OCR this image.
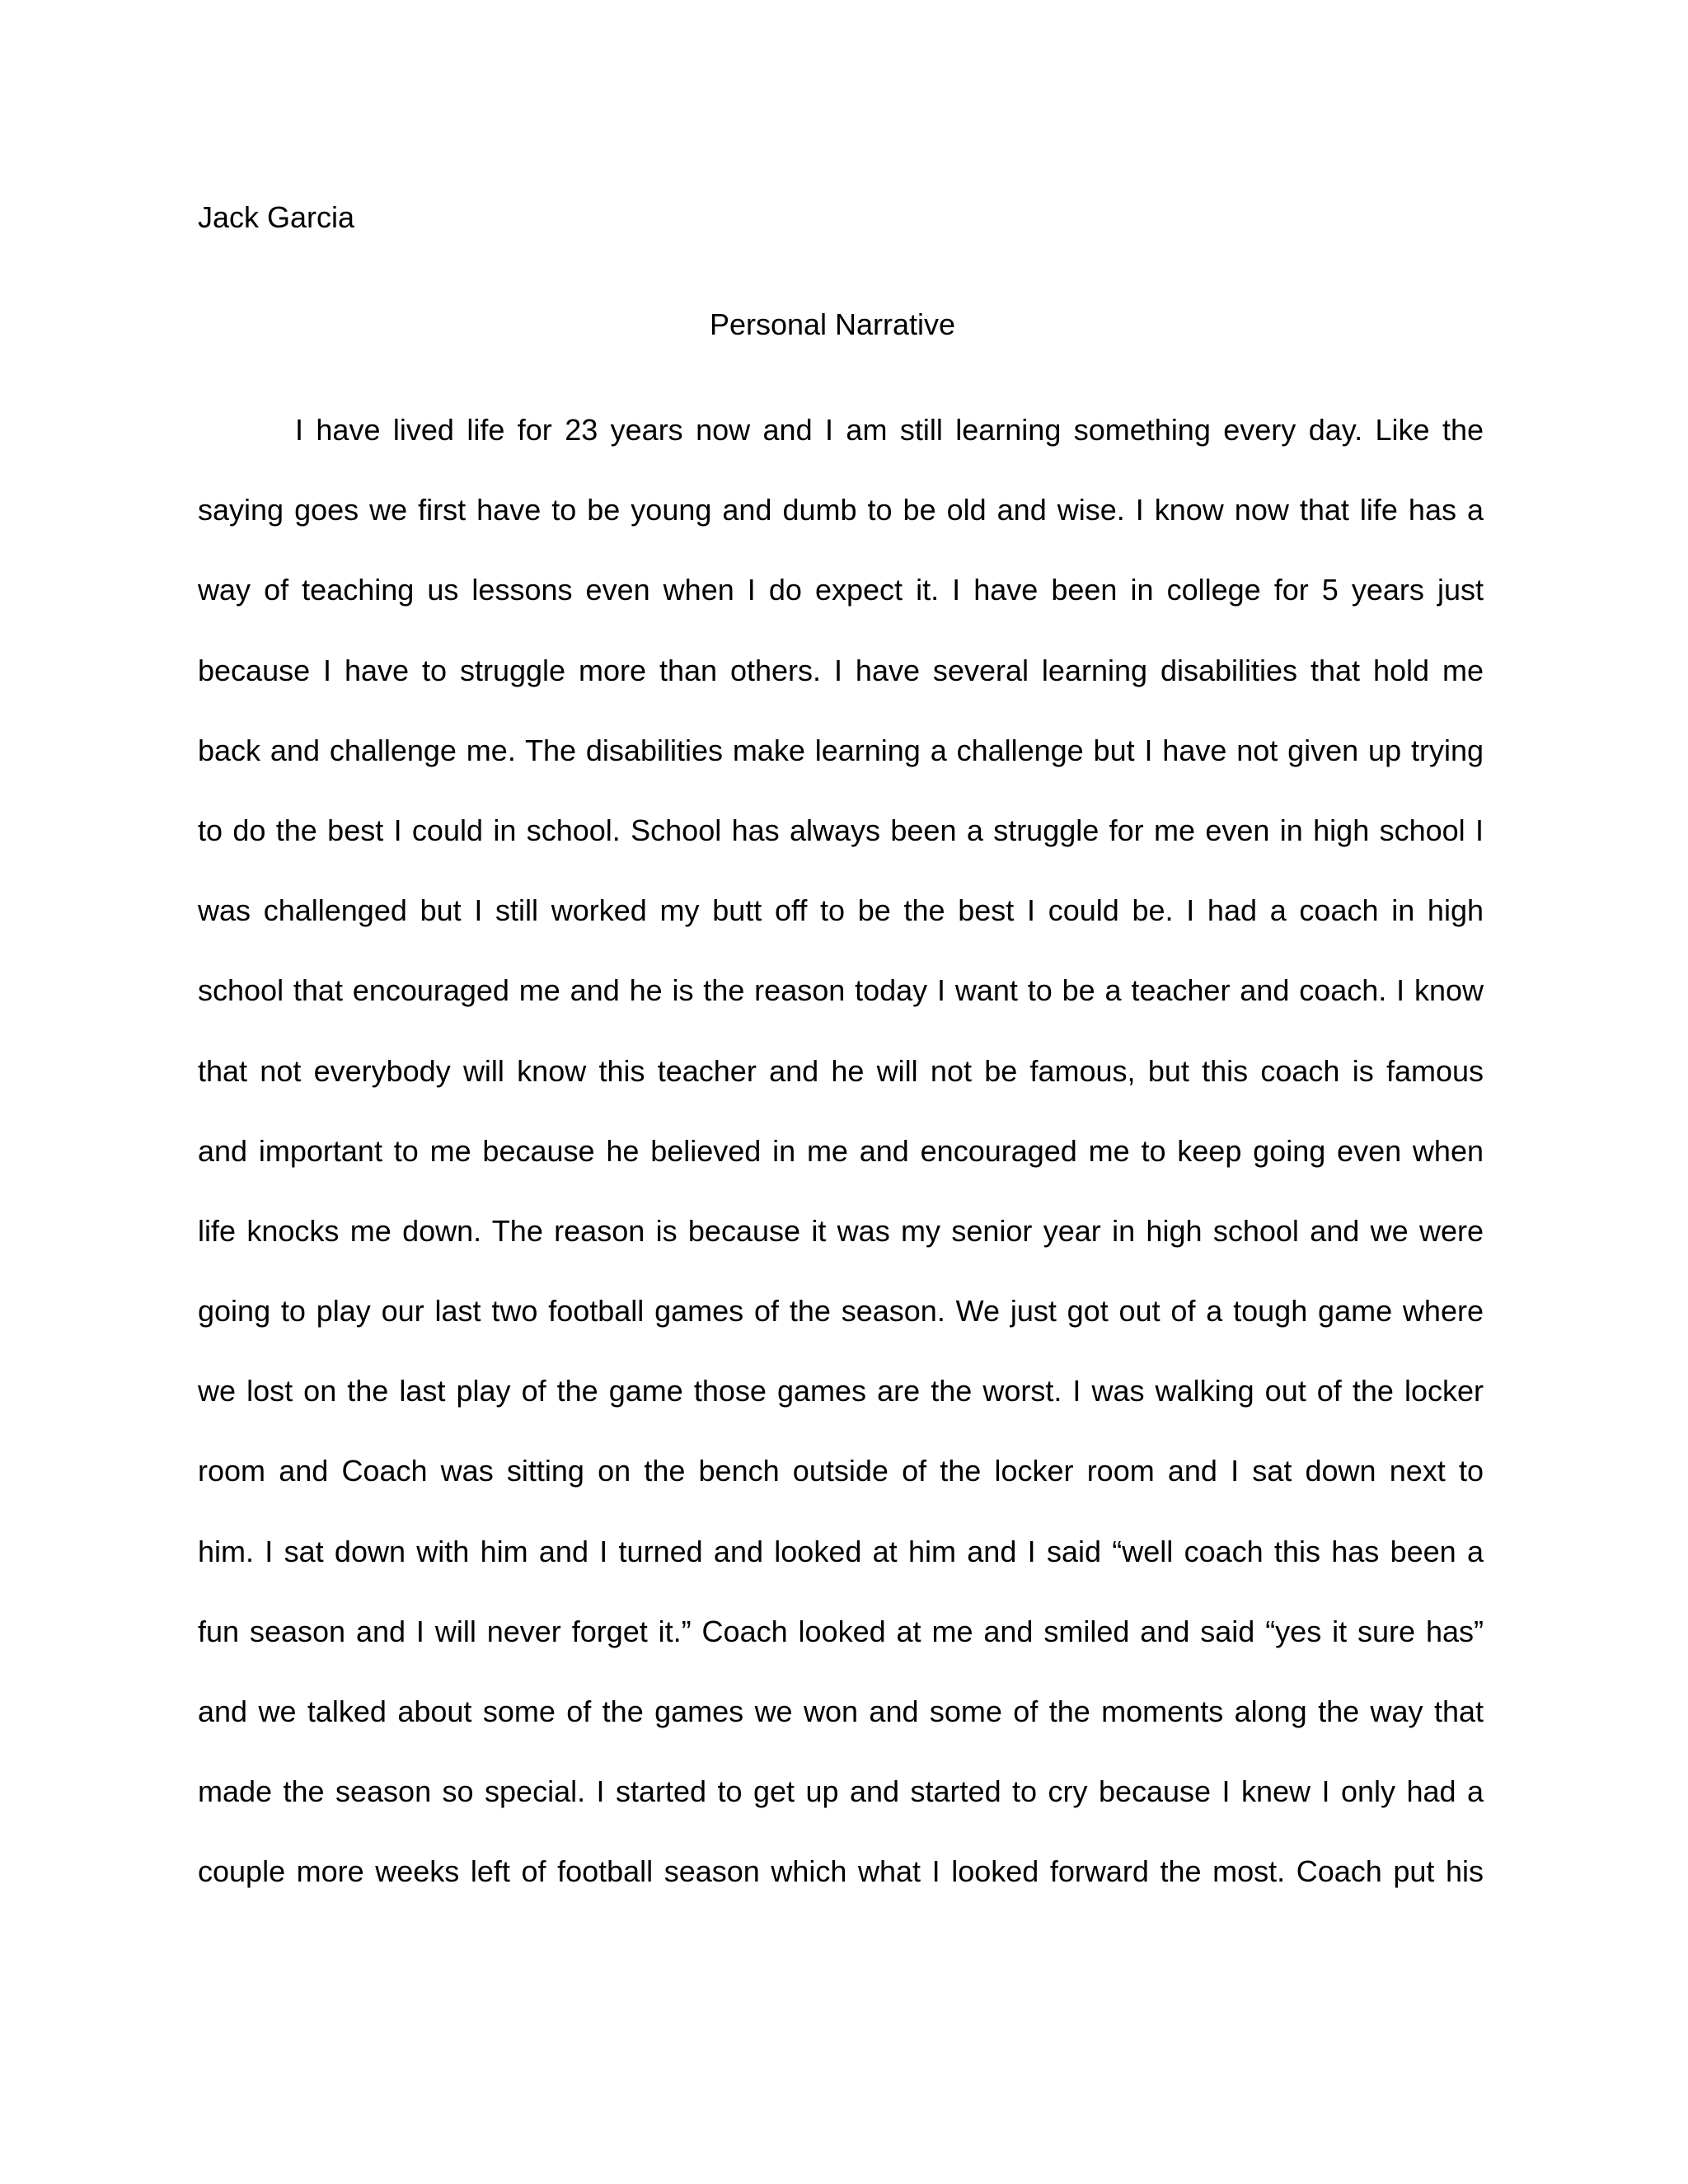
Jack Garcia
Personal Narrative
I have lived life for 23 years now and I am still learning something every day. Like the
saying goes we first have to be young and dumb to be old and wise. I know now that life has a
way of teaching us lessons even when I do expect it. I have been in college for 5 years just
because I have to struggle more than others. I have several learning disabilities that hold me
back and challenge me. The disabilities make learning a challenge but I have not given up trying
to do the best I could in school. School has always been a struggle for me even in high school I
was challenged but I still worked my butt off to be the best I could be. I had a coach in high
school that encouraged me and he is the reason today I want to be a teacher and coach. I know
that not everybody will know this teacher and he will not be famous, but this coach is famous
and important to me because he believed in me and encouraged me to keep going even when
life knocks me down. The reason is because it was my senior year in high school and we were
going to play our last two football games of the season. We just got out of a tough game where
we lost on the last play of the game those games are the worst. I was walking out of the locker
room and Coach was sitting on the bench outside of the locker room and I sat down next to
him. I sat down with him and I turned and looked at him and I said “well coach this has been a
fun season and I will never forget it.” Coach looked at me and smiled and said “yes it sure has”
and we talked about some of the games we won and some of the moments along the way that
made the season so special. I started to get up and started to cry because I knew I only had a
couple more weeks left of football season which what I looked forward the most. Coach put his
